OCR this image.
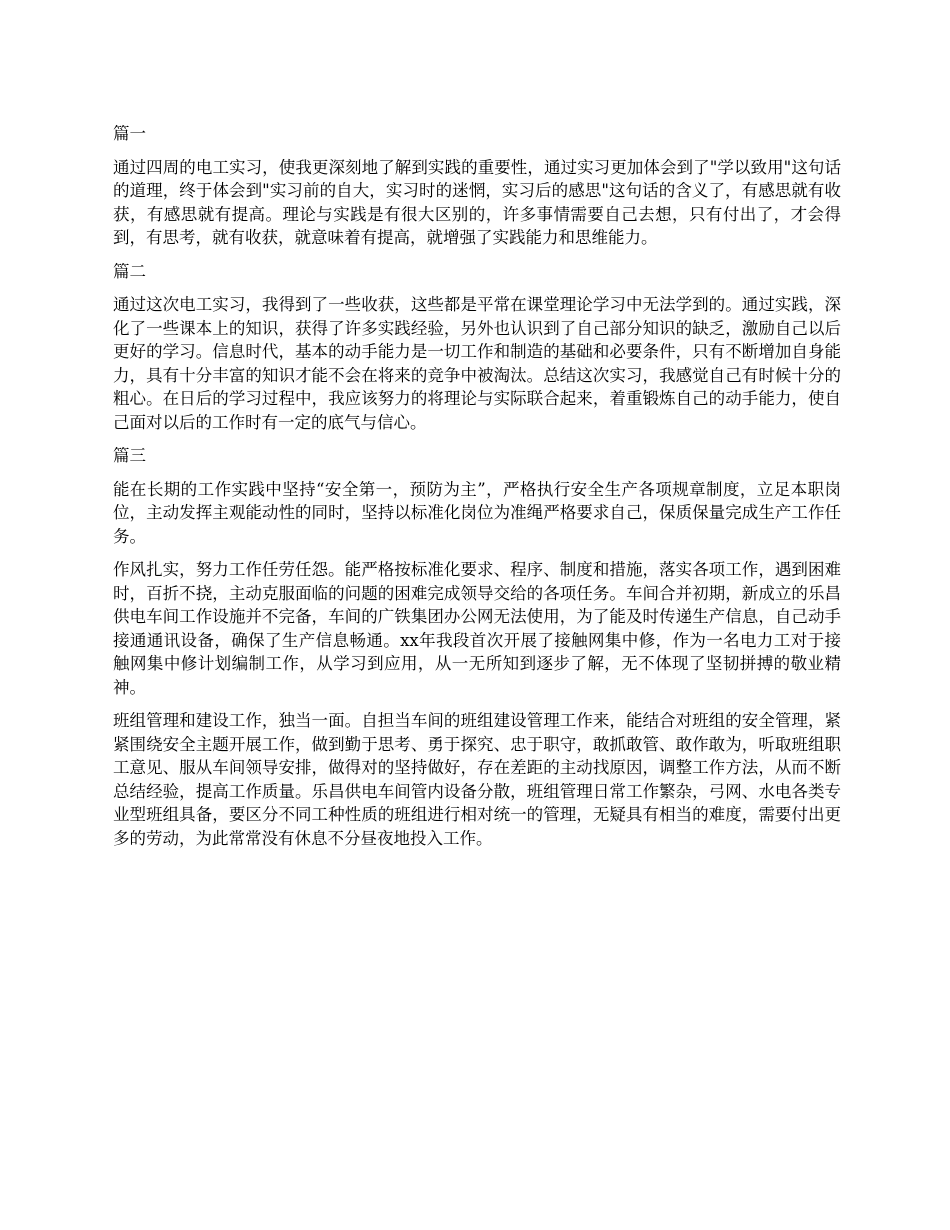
篇一

通过四周的电工实习，使我更深刻地了解到实践的重要性，通过实习更加体会到了"学以致用"这句话的道理，终于体会到"实习前的自大，实习时的迷惘，实习后的感思"这句话的含义了，有感思就有收获，有感思就有提高。理论与实践是有很大区别的，许多事情需要自己去想，只有付出了，才会得到，有思考，就有收获，就意味着有提高，就增强了实践能力和思维能力。

篇二

通过这次电工实习，我得到了一些收获，这些都是平常在课堂理论学习中无法学到的。通过实践，深化了一些课本上的知识，获得了许多实践经验，另外也认识到了自己部分知识的缺乏，激励自己以后更好的学习。信息时代，基本的动手能力是一切工作和制造的基础和必要条件，只有不断增加自身能力，具有十分丰富的知识才能不会在将来的竞争中被淘汰。总结这次实习，我感觉自己有时候十分的粗心。在日后的学习过程中，我应该努力的将理论与实际联合起来，着重锻炼自己的动手能力，使自己面对以后的工作时有一定的底气与信心。

篇三

能在长期的工作实践中坚持“安全第一，预防为主”，严格执行安全生产各项规章制度，立足本职岗位，主动发挥主观能动性的同时，坚持以标准化岗位为准绳严格要求自己，保质保量完成生产工作任务。

作风扎实，努力工作任劳任怨。能严格按标准化要求、程序、制度和措施，落实各项工作，遇到困难时，百折不挠，主动克服面临的问题的困难完成领导交给的各项任务。车间合并初期，新成立的乐昌供电车间工作设施并不完备，车间的广铁集团办公网无法使用，为了能及时传递生产信息，自己动手接通通讯设备，确保了生产信息畅通。xx年我段首次开展了接触网集中修，作为一名电力工对于接触网集中修计划编制工作，从学习到应用，从一无所知到逐步了解，无不体现了坚韧拼搏的敬业精神。

班组管理和建设工作，独当一面。自担当车间的班组建设管理工作来，能结合对班组的安全管理，紧紧围绕安全主题开展工作，做到勤于思考、勇于探究、忠于职守，敢抓敢管、敢作敢为，听取班组职工意见、服从车间领导安排，做得对的坚持做好，存在差距的主动找原因，调整工作方法，从而不断总结经验，提高工作质量。乐昌供电车间管内设备分散，班组管理日常工作繁杂，弓网、水电各类专业型班组具备，要区分不同工种性质的班组进行相对统一的管理，无疑具有相当的难度，需要付出更多的劳动，为此常常没有休息不分昼夜地投入工作。
